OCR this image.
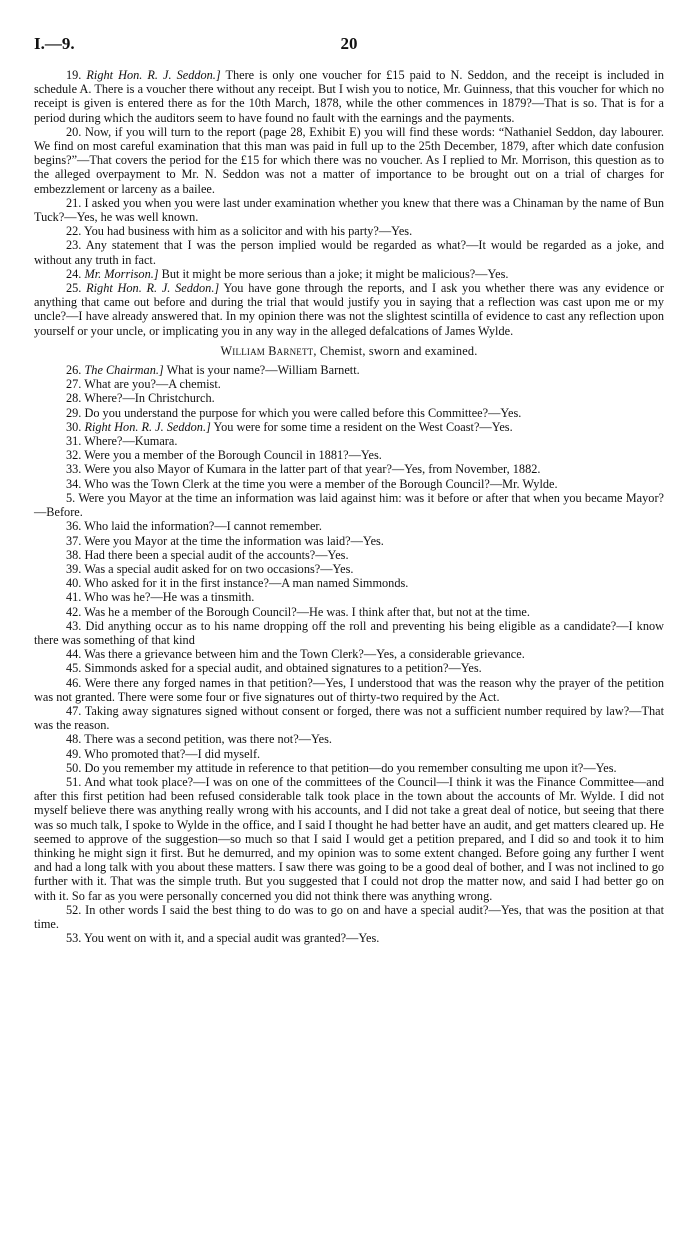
I.—9.	20

19. Right Hon. R. J. Seddon.] There is only one voucher for £15 paid to N. Seddon, and the receipt is included in schedule A. There is a voucher there without any receipt. But I wish you to notice, Mr. Guinness, that this voucher for which no receipt is given is entered there as for the 10th March, 1878, while the other commences in 1879?—That is so. That is for a period during which the auditors seem to have found no fault with the earnings and the payments.

20. Now, if you will turn to the report (page 28, Exhibit E) you will find these words: “Nathaniel Seddon, day labourer. We find on most careful examination that this man was paid in full up to the 25th December, 1879, after which date confusion begins?”—That covers the period for the £15 for which there was no voucher. As I replied to Mr. Morrison, this question as to the alleged overpayment to Mr. N. Seddon was not a matter of importance to be brought out on a trial of charges for embezzlement or larceny as a bailee.

21. I asked you when you were last under examination whether you knew that there was a Chinaman by the name of Bun Tuck?—Yes, he was well known.

22. You had business with him as a solicitor and with his party?—Yes.

23. Any statement that I was the person implied would be regarded as what?—It would be regarded as a joke, and without any truth in fact.

24. Mr. Morrison.] But it might be more serious than a joke; it might be malicious?—Yes.

25. Right Hon. R. J. Seddon.] You have gone through the reports, and I ask you whether there was any evidence or anything that came out before and during the trial that would justify you in saying that a reflection was cast upon me or my uncle?—I have already answered that. In my opinion there was not the slightest scintilla of evidence to cast any reflection upon yourself or your uncle, or implicating you in any way in the alleged defalcations of James Wylde.

William Barnett, Chemist, sworn and examined.

26. The Chairman.] What is your name?—William Barnett.

27. What are you?—A chemist.

28. Where?—In Christchurch.

29. Do you understand the purpose for which you were called before this Committee?—Yes.

30. Right Hon. R. J. Seddon.] You were for some time a resident on the West Coast?—Yes.

31. Where?—Kumara.

32. Were you a member of the Borough Council in 1881?—Yes.

33. Were you also Mayor of Kumara in the latter part of that year?—Yes, from November, 1882.

34. Who was the Town Clerk at the time you were a member of the Borough Council?—Mr. Wylde.

5. Were you Mayor at the time an information was laid against him: was it before or after that when you became Mayor?—Before.

36. Who laid the information?—I cannot remember.

37. Were you Mayor at the time the information was laid?—Yes.

38. Had there been a special audit of the accounts?—Yes.

39. Was a special audit asked for on two occasions?—Yes.

40. Who asked for it in the first instance?—A man named Simmonds.

41. Who was he?—He was a tinsmith.

42. Was he a member of the Borough Council?—He was. I think after that, but not at the time.

43. Did anything occur as to his name dropping off the roll and preventing his being eligible as a candidate?—I know there was something of that kind

44. Was there a grievance between him and the Town Clerk?—Yes, a considerable grievance.

45. Simmonds asked for a special audit, and obtained signatures to a petition?—Yes.

46. Were there any forged names in that petition?—Yes, I understood that was the reason why the prayer of the petition was not granted. There were some four or five signatures out of thirty-two required by the Act.

47. Taking away signatures signed without consent or forged, there was not a sufficient number required by law?—That was the reason.

48. There was a second petition, was there not?—Yes.

49. Who promoted that?—I did myself.

50. Do you remember my attitude in reference to that petition—do you remember consulting me upon it?—Yes.

51. And what took place?—I was on one of the committees of the Council—I think it was the Finance Committee—and after this first petition had been refused considerable talk took place in the town about the accounts of Mr. Wylde. I did not myself believe there was anything really wrong with his accounts, and I did not take a great deal of notice, but seeing that there was so much talk, I spoke to Wylde in the office, and I said I thought he had better have an audit, and get matters cleared up. He seemed to approve of the suggestion—so much so that I said I would get a petition prepared, and I did so and took it to him thinking he might sign it first. But he demurred, and my opinion was to some extent changed. Before going any further I went and had a long talk with you about these matters. I saw there was going to be a good deal of bother, and I was not inclined to go further with it. That was the simple truth. But you suggested that I could not drop the matter now, and said I had better go on with it. So far as you were personally concerned you did not think there was anything wrong.

52. In other words I said the best thing to do was to go on and have a special audit?—Yes, that was the position at that time.

53. You went on with it, and a special audit was granted?—Yes.
